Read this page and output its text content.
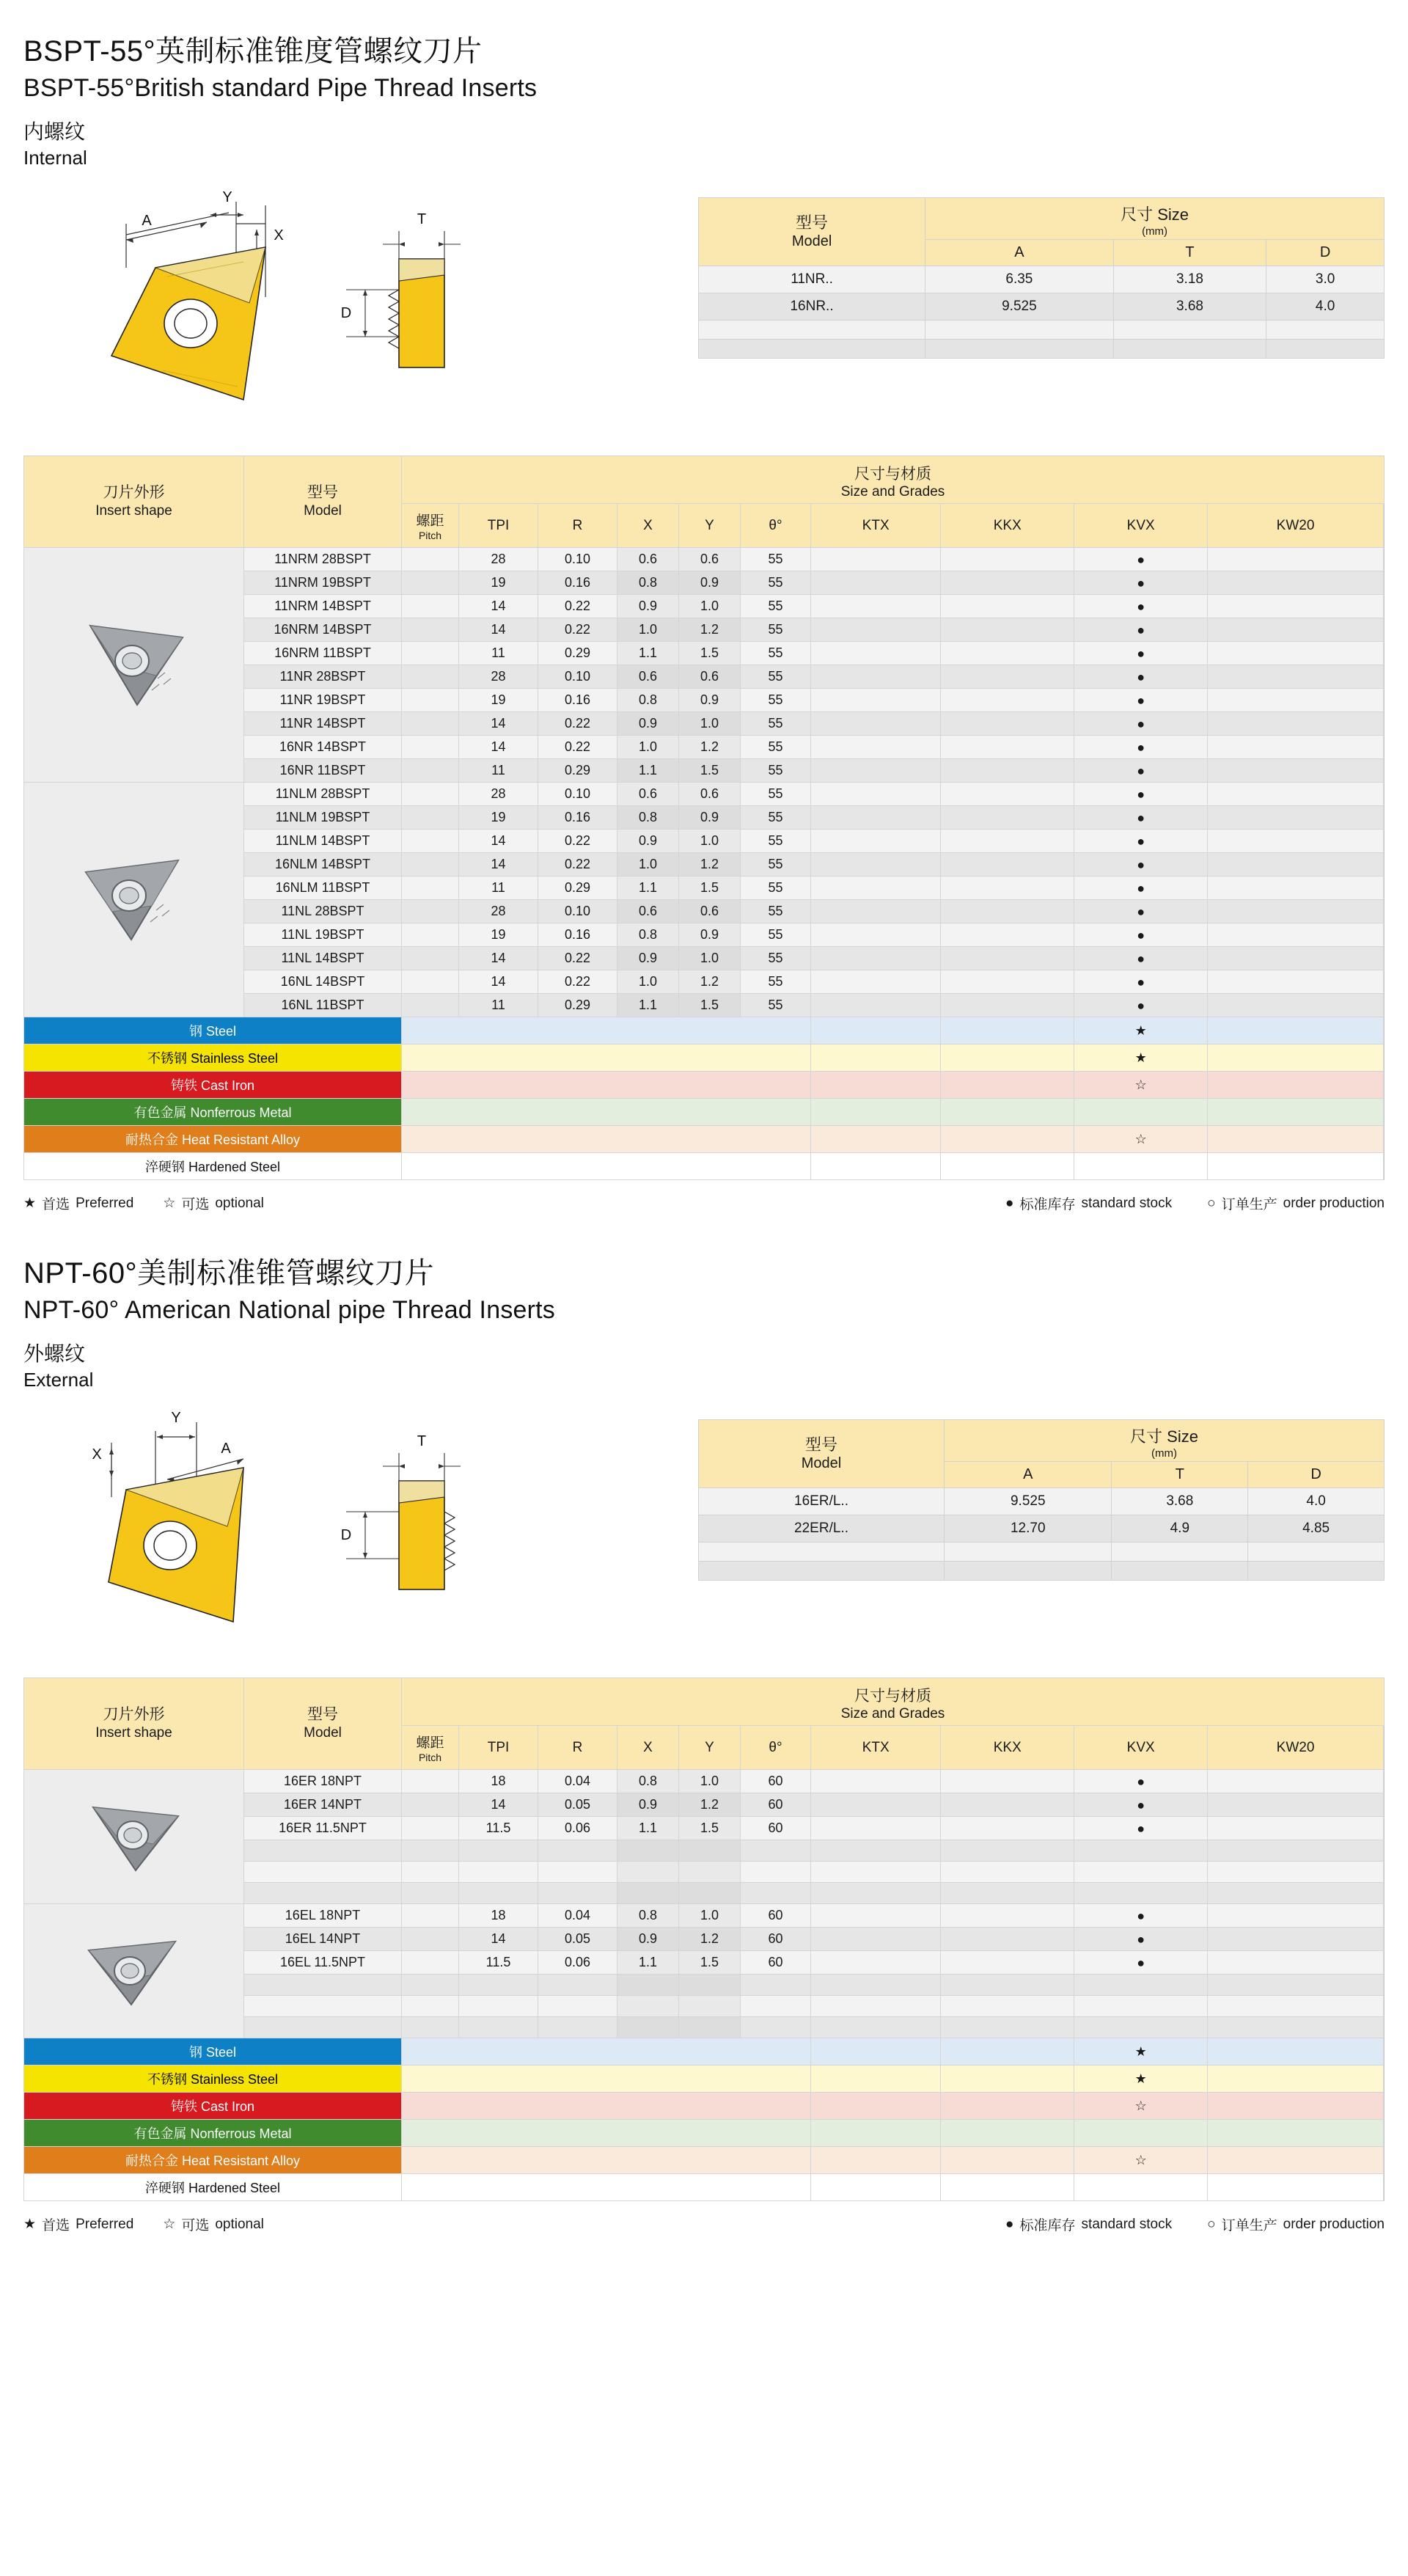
BSPT-55°英制标准锥度管螺纹刀片
BSPT-55°British standard Pipe Thread Inserts
内螺纹
Internal
Y
X
A	T
D
型号
Model	尺寸 Size
(mm)		

	A	T	D
11NR..	6.35	3.18	3.0
16NR..	9.525	3.68	4.0

刀片外形
Insert shape	型号
Model	尺寸与材质
Size and Grades										

		螺距
Pitch	TPI	R	X	Y	θ°	KTX	KKX	KVX	KW20	
	11NRM 28BSPT		28	0.10	0.6	0.6	55			●		
	11NRM 19BSPT		19	0.16	0.8	0.9	55			●		
	11NRM 14BSPT		14	0.22	0.9	1.0	55			●		
	16NRM 14BSPT		14	0.22	1.0	1.2	55			●		
	16NRM 11BSPT		11	0.29	1.1	1.5	55			●		
	11NR 28BSPT		28	0.10	0.6	0.6	55			●		
	11NR 19BSPT		19	0.16	0.8	0.9	55			●		
	11NR 14BSPT		14	0.22	0.9	1.0	55			●		
	16NR 14BSPT		14	0.22	1.0	1.2	55			●		
	16NR 11BSPT		11	0.29	1.1	1.5	55			●		
	11NLM 28BSPT		28	0.10	0.6	0.6	55			●		
	11NLM 19BSPT		19	0.16	0.8	0.9	55			●		
	11NLM 14BSPT		14	0.22	0.9	1.0	55			●		
	16NLM 14BSPT		14	0.22	1.0	1.2	55			●		
	16NLM 11BSPT		11	0.29	1.1	1.5	55			●		
	11NL 28BSPT		28	0.10	0.6	0.6	55			●		
	11NL 19BSPT		19	0.16	0.8	0.9	55			●		
	11NL 14BSPT		14	0.22	0.9	1.0	55			●		
	16NL 14BSPT		14	0.22	1.0	1.2	55			●		
	16NL 11BSPT		11	0.29	1.1	1.5	55			●		
钢 Steel										★		
不锈钢 Stainless Steel										★		
铸铁 Cast Iron										☆		
有色金属 Nonferrous Metal												
耐热合金 Heat Resistant Alloy										☆		
淬硬钢 Hardened Steel												
★ 首选 Preferred ☆ 可选 optional	● 标准库存 standard stock	○ 订单生产 order production
NPT-60°美制标准锥管螺纹刀片
NPT-60° American National pipe Thread Inserts
外螺纹
External
Y
X	A	T
D
型号
Model	尺寸 Size
(mm)		

	A	T	D
16ER/L..	9.525	3.68	4.0
22ER/L..	12.70	4.9	4.85

刀片外形
Insert shape	型号
Model	尺寸与材质
Size and Grades										

		螺距
Pitch	TPI	R	X	Y	θ°	KTX	KKX	KVX	KW20	
	16ER 18NPT		18	0.04	0.8	1.0	60			●		
	16ER 14NPT		14	0.05	0.9	1.2	60			●		
	16ER 11.5NPT		11.5	0.06	1.1	1.5	60			●		

	16EL 18NPT		18	0.04	0.8	1.0	60			●		
	16EL 14NPT		14	0.05	0.9	1.2	60			●		
	16EL 11.5NPT		11.5	0.06	1.1	1.5	60			●		

钢 Steel										★		
不锈钢 Stainless Steel										★		
铸铁 Cast Iron										☆		
有色金属 Nonferrous Metal												
耐热合金 Heat Resistant Alloy										☆		
淬硬钢 Hardened Steel												
★ 首选 Preferred ☆ 可选 optional	● 标准库存 standard stock	○ 订单生产 order production
